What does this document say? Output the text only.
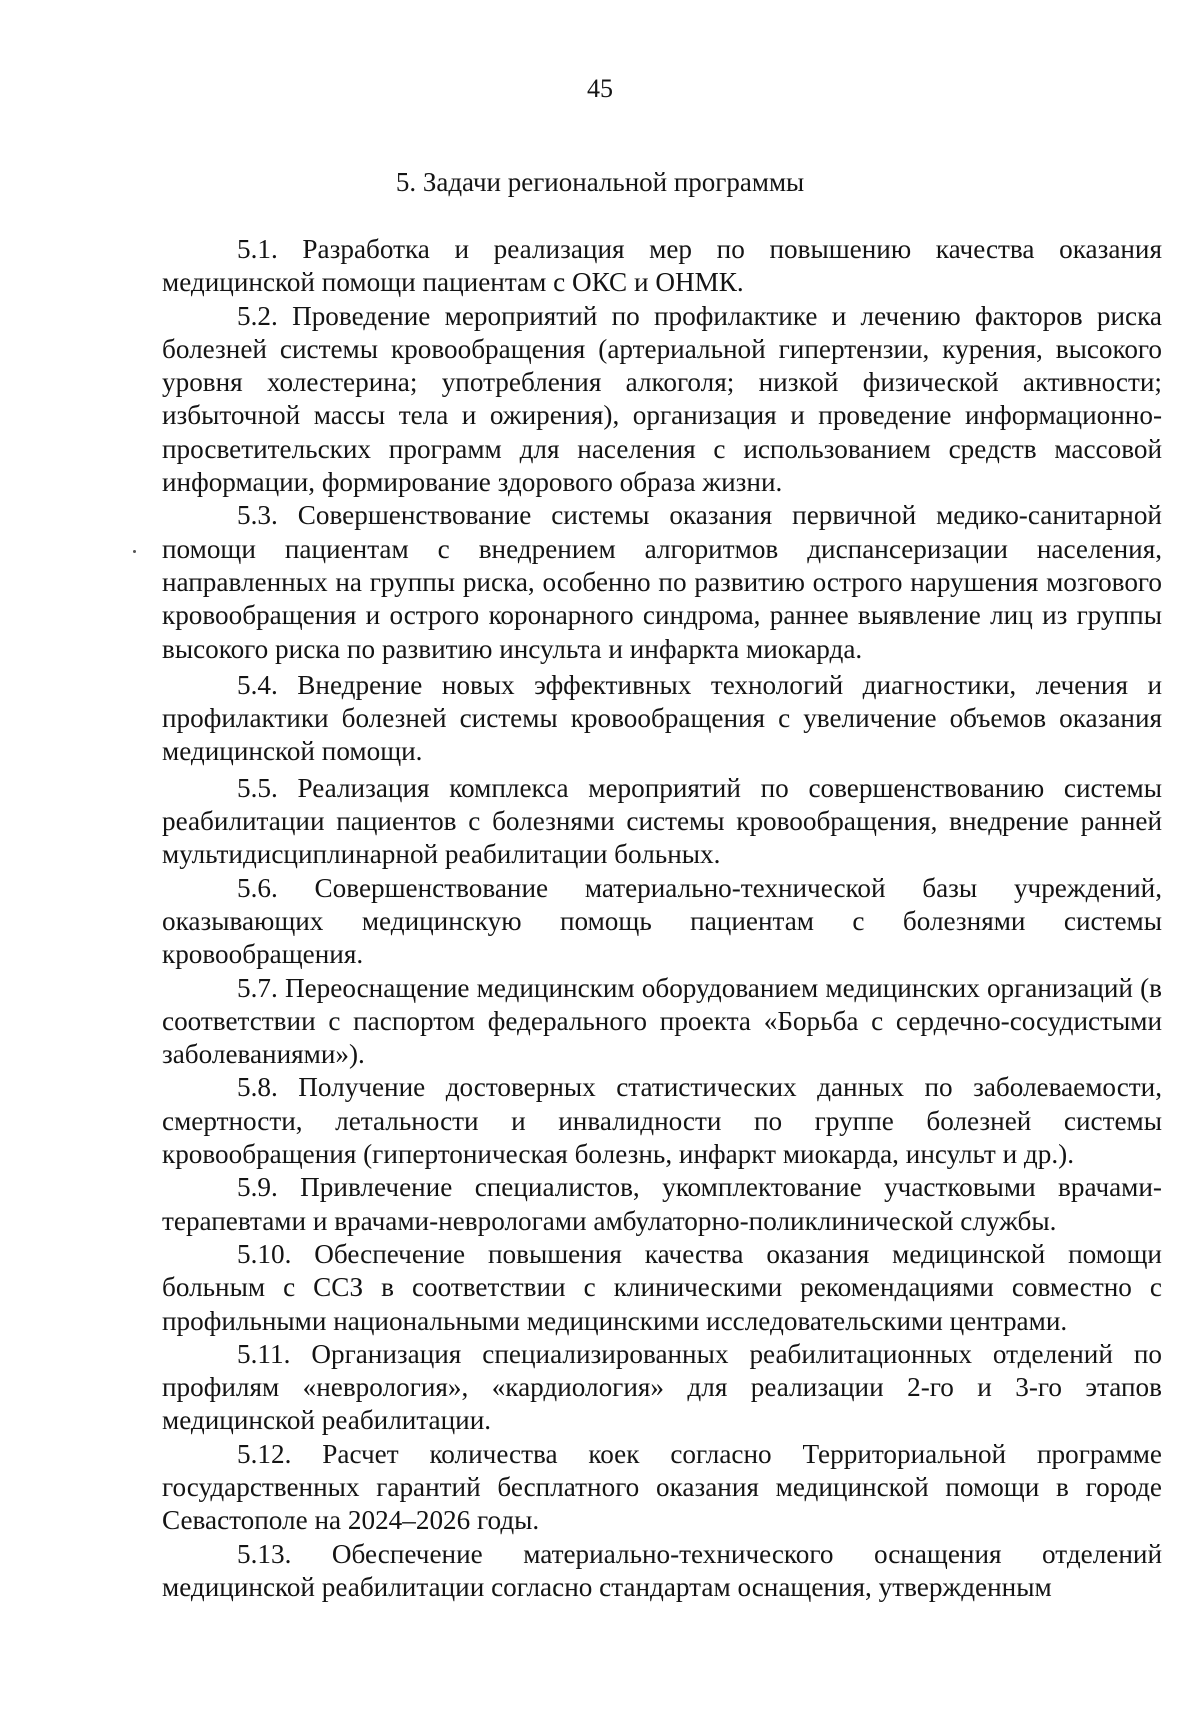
45
5. Задачи региональной программы

5.1. Разработка и реализация мер по повышению качества оказания медицинской помощи пациентам с ОКС и ОНМК.

5.2. Проведение мероприятий по профилактике и лечению факторов риска болезней системы кровообращения (артериальной гипертензии, курения, высокого уровня холестерина; употребления алкоголя; низкой физической активности; избыточной массы тела и ожирения), организация и проведение информационно-просветительских программ для населения с использованием средств массовой информации, формирование здорового образа жизни.

5.3. Совершенствование системы оказания первичной медико-санитарной помощи пациентам с внедрением алгоритмов диспансеризации населения, направленных на группы риска, особенно по развитию острого нарушения мозгового кровообращения и острого коронарного синдрома, раннее выявление лиц из группы высокого риска по развитию инсульта и инфаркта миокарда.

5.4. Внедрение новых эффективных технологий диагностики, лечения и профилактики болезней системы кровообращения с увеличение объемов оказания медицинской помощи.

5.5. Реализация комплекса мероприятий по совершенствованию системы реабилитации пациентов с болезнями системы кровообращения, внедрение ранней мультидисциплинарной реабилитации больных.

5.6. Совершенствование материально-технической базы учреждений, оказывающих медицинскую помощь пациентам с болезнями системы кровообращения.

5.7. Переоснащение медицинским оборудованием медицинских организаций (в соответствии с паспортом федерального проекта «Борьба с сердечно-сосудистыми заболеваниями»).

5.8. Получение достоверных статистических данных по заболеваемости, смертности, летальности и инвалидности по группе болезней системы кровообращения (гипертоническая болезнь, инфаркт миокарда, инсульт и др.).

5.9. Привлечение специалистов, укомплектование участковыми врачами-терапевтами и врачами-неврологами амбулаторно-поликлинической службы.

5.10. Обеспечение повышения качества оказания медицинской помощи больным с ССЗ в соответствии с клиническими рекомендациями совместно с профильными национальными медицинскими исследовательскими центрами.

5.11. Организация специализированных реабилитационных отделений по профилям «неврология», «кардиология» для реализации 2-го и 3-го этапов медицинской реабилитации.

5.12. Расчет количества коек согласно Территориальной программе государственных гарантий бесплатного оказания медицинской помощи в городе Севастополе на 2024–2026 годы.

5.13. Обеспечение материально-технического оснащения отделений медицинской реабилитации согласно стандартам оснащения, утвержденным
